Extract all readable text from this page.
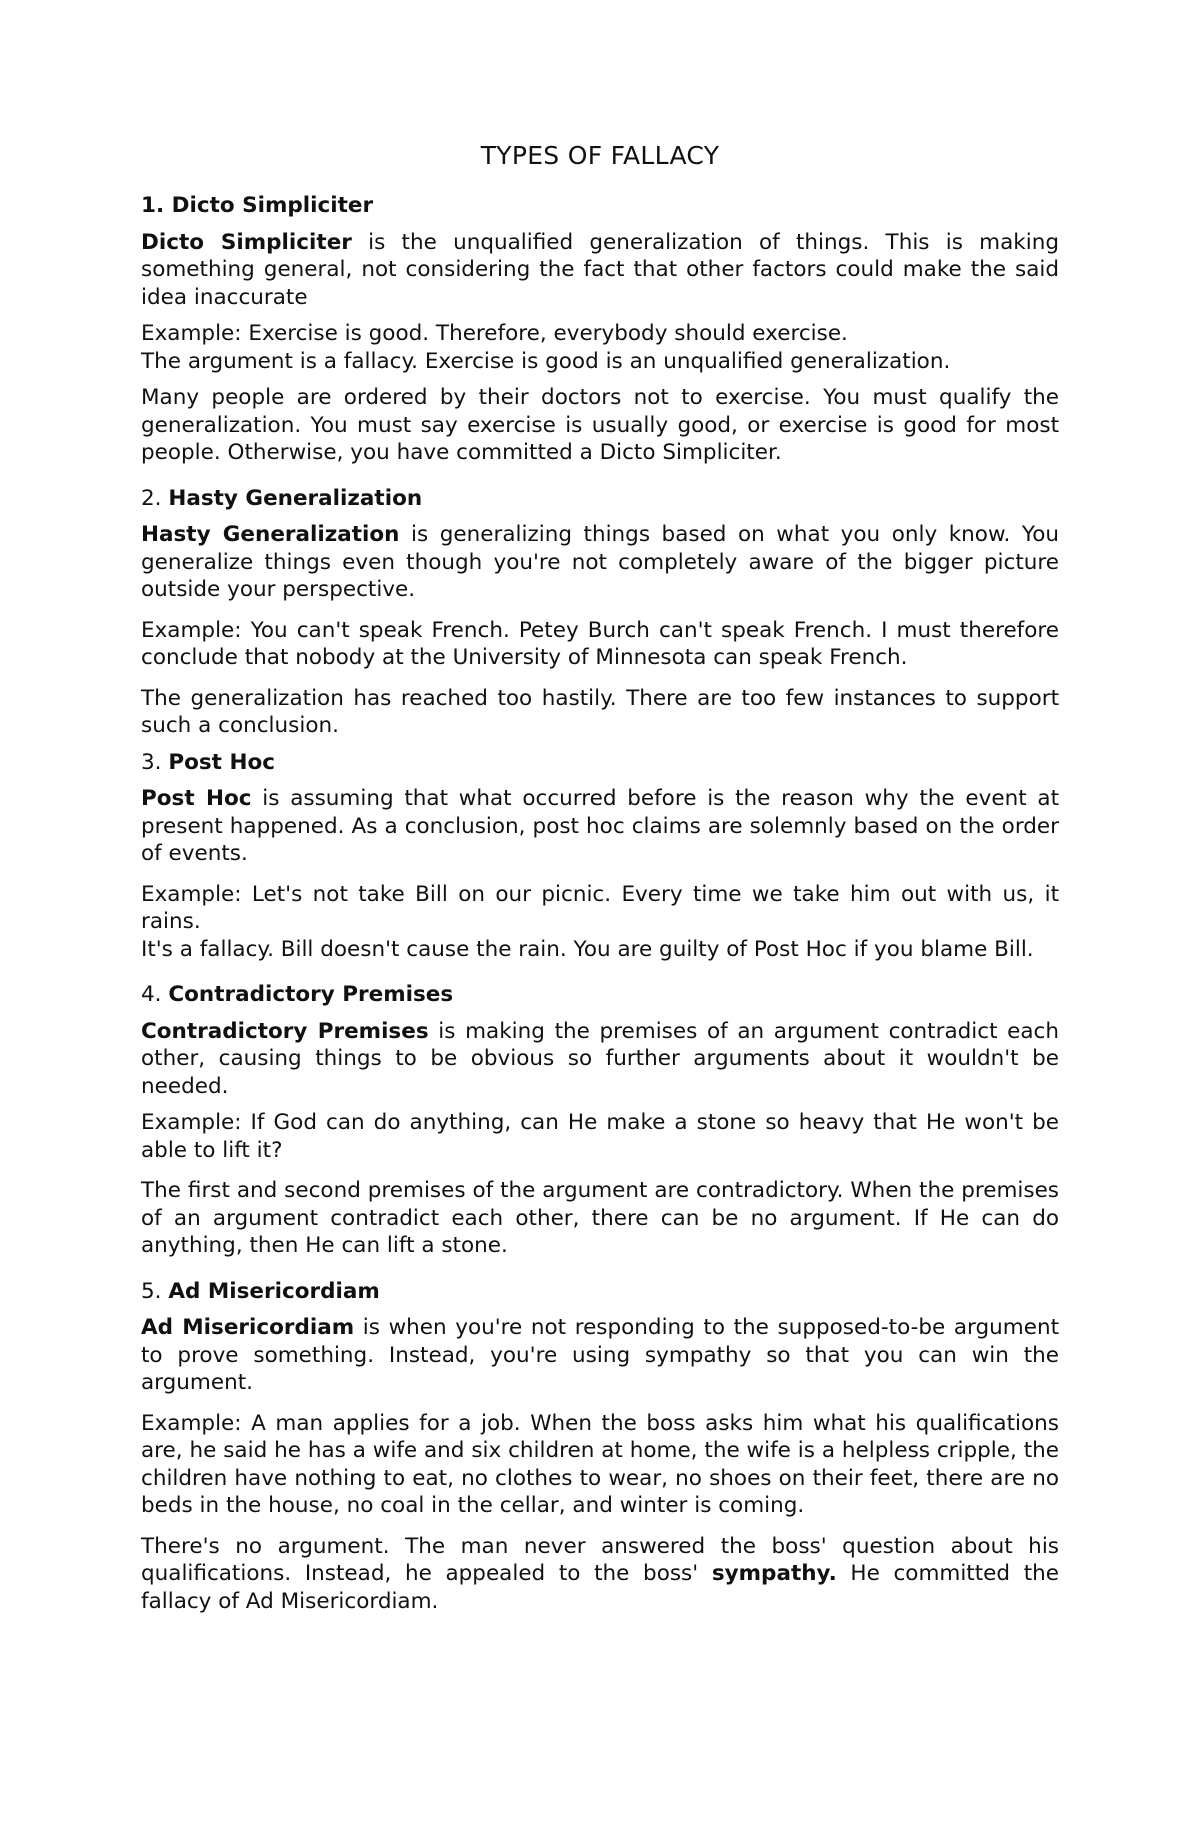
TYPES OF FALLACY
1. Dicto Simpliciter
Dicto Simpliciter is the unqualified generalization of things. This is making something general, not considering the fact that other factors could make the said idea inaccurate
Example: Exercise is good. Therefore, everybody should exercise.
The argument is a fallacy. Exercise is good is an unqualified generalization.
Many people are ordered by their doctors not to exercise. You must qualify the generalization. You must say exercise is usually good, or exercise is good for most people. Otherwise, you have committed a Dicto Simpliciter.
2. Hasty Generalization
Hasty Generalization is generalizing things based on what you only know. You generalize things even though you're not completely aware of the bigger picture outside your perspective.
Example: You can't speak French. Petey Burch can't speak French. I must therefore conclude that nobody at the University of Minnesota can speak French.
The generalization has reached too hastily. There are too few instances to support such a conclusion.
3. Post Hoc
Post Hoc is assuming that what occurred before is the reason why the event at present happened. As a conclusion, post hoc claims are solemnly based on the order of events.
Example: Let's not take Bill on our picnic. Every time we take him out with us, it rains.
It's a fallacy. Bill doesn't cause the rain. You are guilty of Post Hoc if you blame Bill.
4. Contradictory Premises
Contradictory Premises is making the premises of an argument contradict each other, causing things to be obvious so further arguments about it wouldn't be needed.
Example: If God can do anything, can He make a stone so heavy that He won't be able to lift it?
The first and second premises of the argument are contradictory. When the premises of an argument contradict each other, there can be no argument. If He can do anything, then He can lift a stone.
5. Ad Misericordiam
Ad Misericordiam is when you're not responding to the supposed-to-be argument to prove something. Instead, you're using sympathy so that you can win the argument.
Example: A man applies for a job. When the boss asks him what his qualifications are, he said he has a wife and six children at home, the wife is a helpless cripple, the children have nothing to eat, no clothes to wear, no shoes on their feet, there are no beds in the house, no coal in the cellar, and winter is coming.
There's no argument. The man never answered the boss' question about his qualifications. Instead, he appealed to the boss' sympathy. He committed the fallacy of Ad Misericordiam.
